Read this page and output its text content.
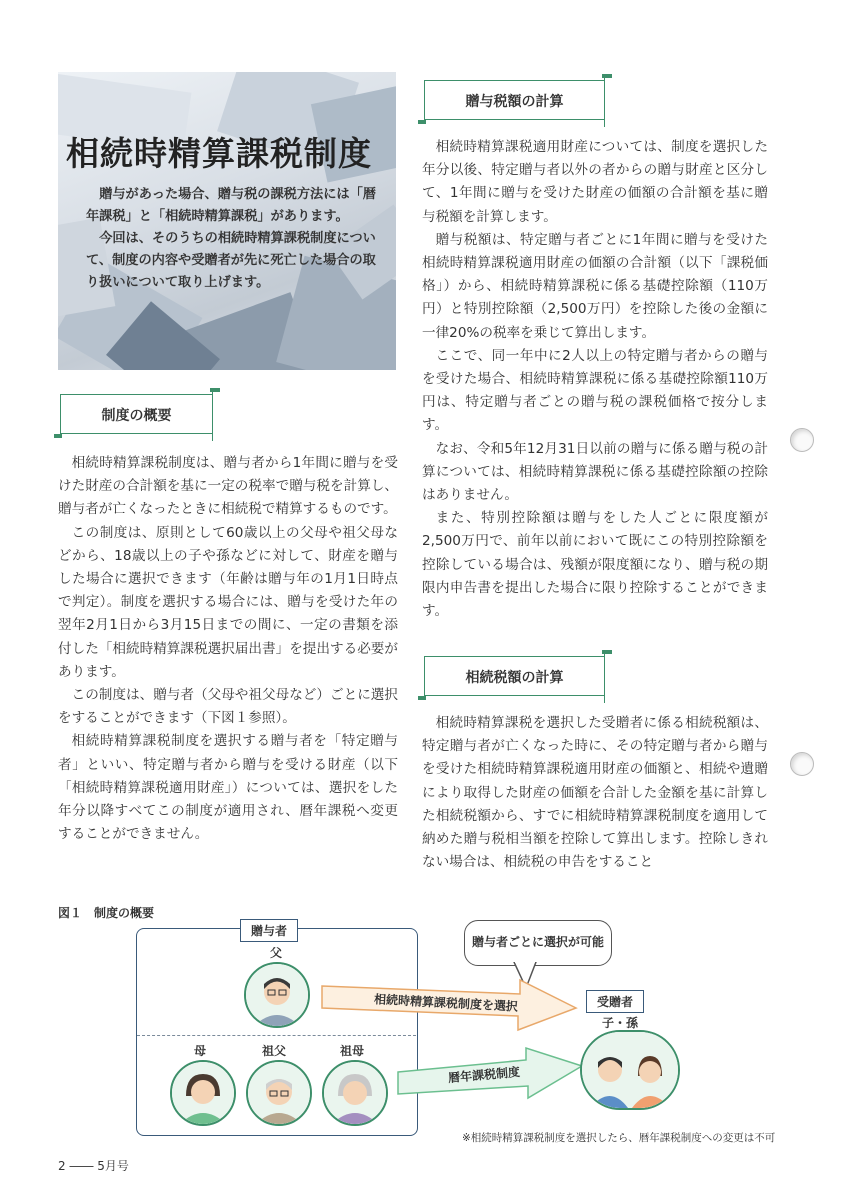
相続時精算課税制度

贈与があった場合、贈与税の課税方法には「暦年課税」と「相続時精算課税」があります。

今回は、そのうちの相続時精算課税制度について、制度の内容や受贈者が先に死亡した場合の取り扱いについて取り上げます。

制度の概要

相続時精算課税制度は、贈与者から1年間に贈与を受けた財産の合計額を基に一定の税率で贈与税を計算し、贈与者が亡くなったときに相続税で精算するものです。

この制度は、原則として60歳以上の父母や祖父母などから、18歳以上の子や孫などに対して、財産を贈与した場合に選択できます（年齢は贈与年の1月1日時点で判定）。制度を選択する場合には、贈与を受けた年の翌年2月1日から3月15日までの間に、一定の書類を添付した「相続時精算課税選択届出書」を提出する必要があります。

この制度は、贈与者（父母や祖父母など）ごとに選択をすることができます（下図１参照）。

相続時精算課税制度を選択する贈与者を「特定贈与者」といい、特定贈与者から贈与を受ける財産（以下「相続時精算課税適用財産」）については、選択をした年分以降すべてこの制度が適用され、暦年課税へ変更することができません。

贈与税額の計算

相続時精算課税適用財産については、制度を選択した年分以後、特定贈与者以外の者からの贈与財産と区分して、1年間に贈与を受けた財産の価額の合計額を基に贈与税額を計算します。

贈与税額は、特定贈与者ごとに1年間に贈与を受けた相続時精算課税適用財産の価額の合計額（以下「課税価格」）から、相続時精算課税に係る基礎控除額（110万円）と特別控除額（2,500万円）を控除した後の金額に一律20%の税率を乗じて算出します。

ここで、同一年中に2人以上の特定贈与者からの贈与を受けた場合、相続時精算課税に係る基礎控除額110万円は、特定贈与者ごとの贈与税の課税価格で按分します。

なお、令和5年12月31日以前の贈与に係る贈与税の計算については、相続時精算課税に係る基礎控除額の控除はありません。

また、特別控除額は贈与をした人ごとに限度額が2,500万円で、前年以前において既にこの特別控除額を控除している場合は、残額が限度額になり、贈与税の期限内申告書を提出した場合に限り控除することができます。

相続税額の計算

相続時精算課税を選択した受贈者に係る相続税額は、特定贈与者が亡くなった時に、その特定贈与者から贈与を受けた相続時精算課税適用財産の価額と、相続や遺贈により取得した財産の価額を合計した金額を基に計算した相続税額から、すでに相続時精算課税制度を適用して納めた贈与税相当額を控除して算出します。控除しきれない場合は、相続税の申告をすること

図１　制度の概要
贈与者
父
母	祖父	祖母
贈与者ごとに選択が可能
相続時精算課税制度を選択
暦年課税制度
受贈者
子・孫
※相続時精算課税制度を選択したら、暦年課税制度への変更は不可
2 ―― 5月号
